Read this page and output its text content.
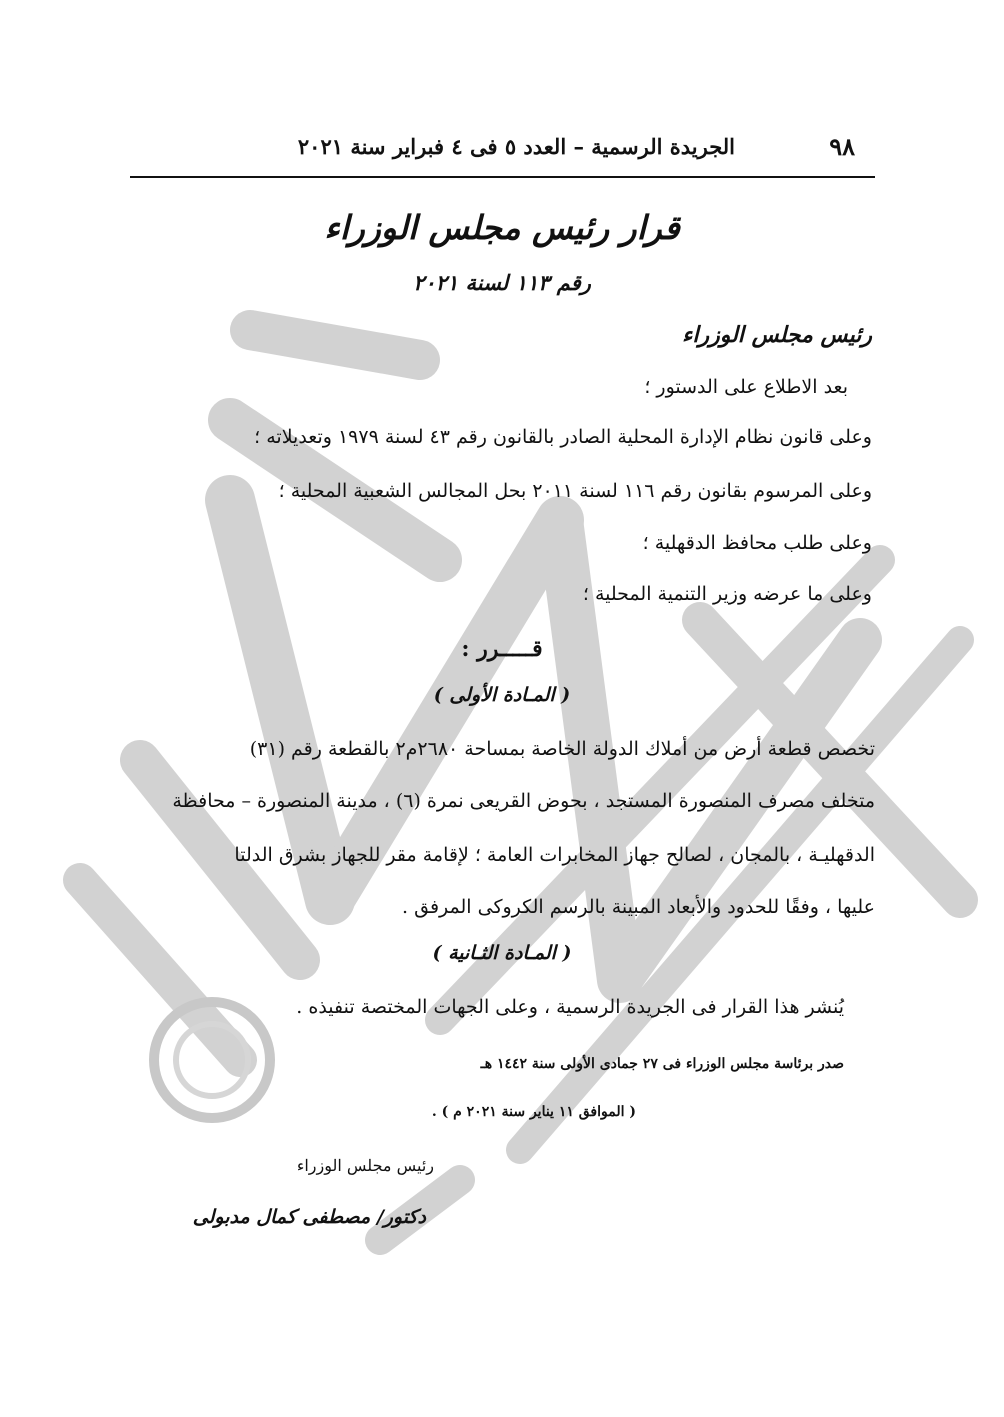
٩٨
الجريدة الرسمية – العدد ٥ فى ٤ فبراير سنة ٢٠٢١
قرار رئيس مجلس الوزراء
رقم ١١٣ لسنة ٢٠٢١
رئيس مجلس الوزراء
بعد الاطلاع على الدستور ؛
وعلى قانون نظام الإدارة المحلية الصادر بالقانون رقم ٤٣ لسنة ١٩٧٩ وتعديلاته ؛
وعلى المرسوم بقانون رقم ١١٦ لسنة ٢٠١١ بحل المجالس الشعبية المحلية ؛
وعلى طلب محافظ الدقهلية ؛
وعلى ما عرضه وزير التنمية المحلية ؛
قـــــرر :
( المـادة الأولى )
تخصص قطعة أرض من أملاك الدولة الخاصة بمساحة ٢٦٨٠م٢ بالقطعة رقم (٣١)
متخلف مصرف المنصورة المستجد ، بحوض القريعى نمرة (٦) ، مدينة المنصورة – محافظة
الدقهليـة ، بالمجان ، لصالح جهاز المخابرات العامة ؛ لإقامة مقر للجهاز بشرق الدلتا
عليها ، وفقًا للحدود والأبعاد المبينة بالرسم الكروكى المرفق .
( المـادة الثـانية )
يُنشر هذا القرار فى الجريدة الرسمية ، وعلى الجهات المختصة تنفيذه .
صدر برئاسة مجلس الوزراء فى ٢٧ جمادى الأولى سنة ١٤٤٢ هـ
( الموافق ١١ يناير سنة ٢٠٢١ م ) .
رئيس مجلس الوزراء
دكتور/ مصطفى كمال مدبولى
